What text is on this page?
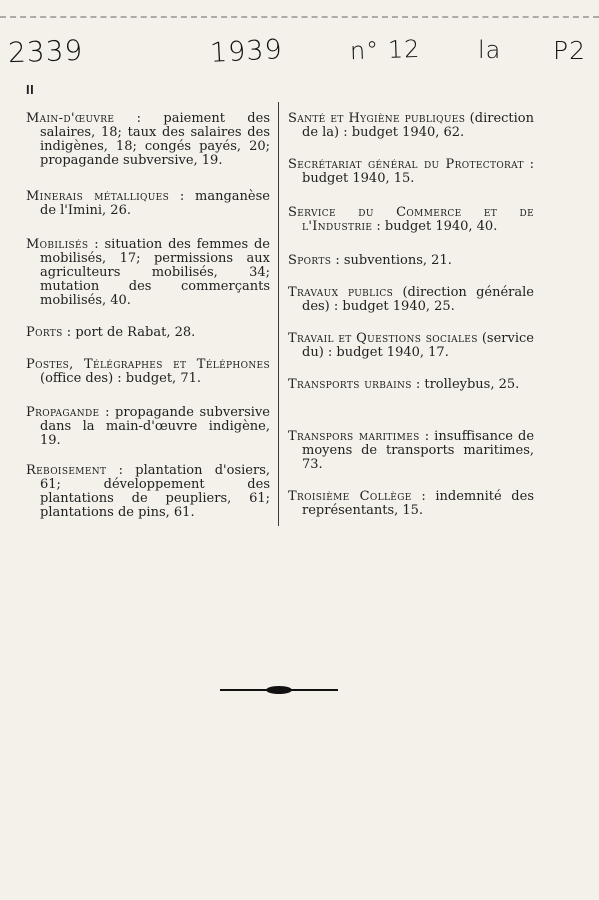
2339	1939	n° 12 la P2
II

Main-d'œuvre : paiement des salaires, 18; taux des salaires des indigènes, 18; congés payés, 20; propagande subversive, 19.

Minerais métalliques : manganèse de l'Imini, 26.

Mobilisés : situation des femmes de mobilisés, 17; permissions aux agriculteurs mobilisés, 34; mutation des commerçants mobilisés, 40.

Ports : port de Rabat, 28.

Postes, Télégraphes et Téléphones (office des) : budget, 71.

Propagande : propagande subversive dans la main-d'œuvre indigène, 19.

Reboisement : plantation d'osiers, 61; développement des plantations de peupliers, 61; plantations de pins, 61.

Santé et Hygiène publiques (direction de la) : budget 1940, 62.

Secrétariat général du Protectorat : budget 1940, 15.

Service du Commerce et de l'Industrie : budget 1940, 40.

Sports : subventions, 21.

Travaux publics (direction générale des) : budget 1940, 25.

Travail et Questions sociales (service du) : budget 1940, 17.

Transports urbains : trolleybus, 25.

Transpors maritimes : insuffisance de moyens de transports maritimes, 73.

Troisième Collège : indemnité des représentants, 15.
